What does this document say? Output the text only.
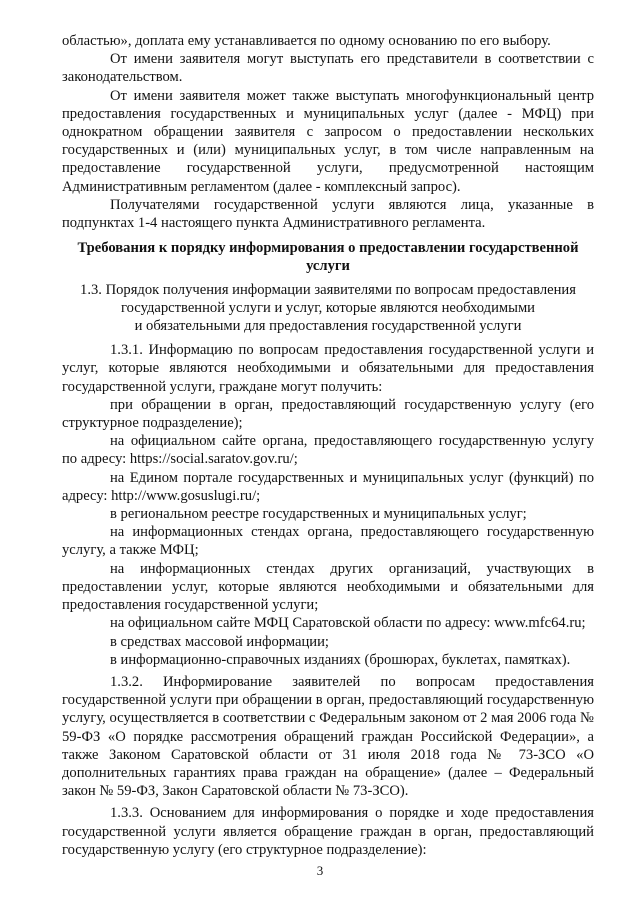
областью», доплата ему устанавливается по одному основанию по его выбору.

От имени заявителя могут выступать его представители в соответствии с законодательством.

От имени заявителя может также выступать многофункциональный центр предоставления государственных и муниципальных услуг (далее - МФЦ) при однократном обращении заявителя с запросом о предоставлении нескольких государственных и (или) муниципальных услуг, в том числе направленным на предоставление государственной услуги, предусмотренной настоящим Административным регламентом (далее - комплексный запрос).

Получателями государственной услуги являются лица, указанные в подпунктах 1-4 настоящего пункта Административного регламента.

Требования к порядку информирования о предоставлении государственной услуги

1.3. Порядок получения информации заявителями по вопросам предоставления
государственной услуги и услуг, которые являются необходимыми
и обязательными для предоставления государственной услуги

1.3.1. Информацию по вопросам предоставления государственной услуги и услуг, которые являются необходимыми и обязательными для предоставления государственной услуги, граждане могут получить:

при обращении в орган, предоставляющий государственную услугу (его структурное подразделение);

на официальном сайте органа, предоставляющего государственную услугу по адресу: https://social.saratov.gov.ru/;

на Едином портале государственных и муниципальных услуг (функций) по адресу: http://www.gosuslugi.ru/;

в региональном реестре государственных и муниципальных услуг;

на информационных стендах органа, предоставляющего государственную услугу, а также МФЦ;

на информационных стендах других организаций, участвующих в предоставлении услуг, которые являются необходимыми и обязательными для предоставления государственной услуги;

на официальном сайте МФЦ Саратовской области по адресу: www.mfc64.ru;

в средствах массовой информации;

в информационно-справочных изданиях (брошюрах, буклетах, памятках).

1.3.2. Информирование заявителей по вопросам предоставления государственной услуги при обращении в орган, предоставляющий государственную услугу, осуществляется в соответствии с Федеральным законом от 2 мая 2006 года № 59-ФЗ «О порядке рассмотрения обращений граждан Российской Федерации», а также Законом Саратовской области от 31 июля 2018 года № 73-ЗСО «О дополнительных гарантиях права граждан на обращение» (далее – Федеральный закон № 59-ФЗ, Закон Саратовской области № 73-ЗСО).

1.3.3. Основанием для информирования о порядке и ходе предоставления государственной услуги является обращение граждан в орган, предоставляющий государственную услугу (его структурное подразделение):

3
